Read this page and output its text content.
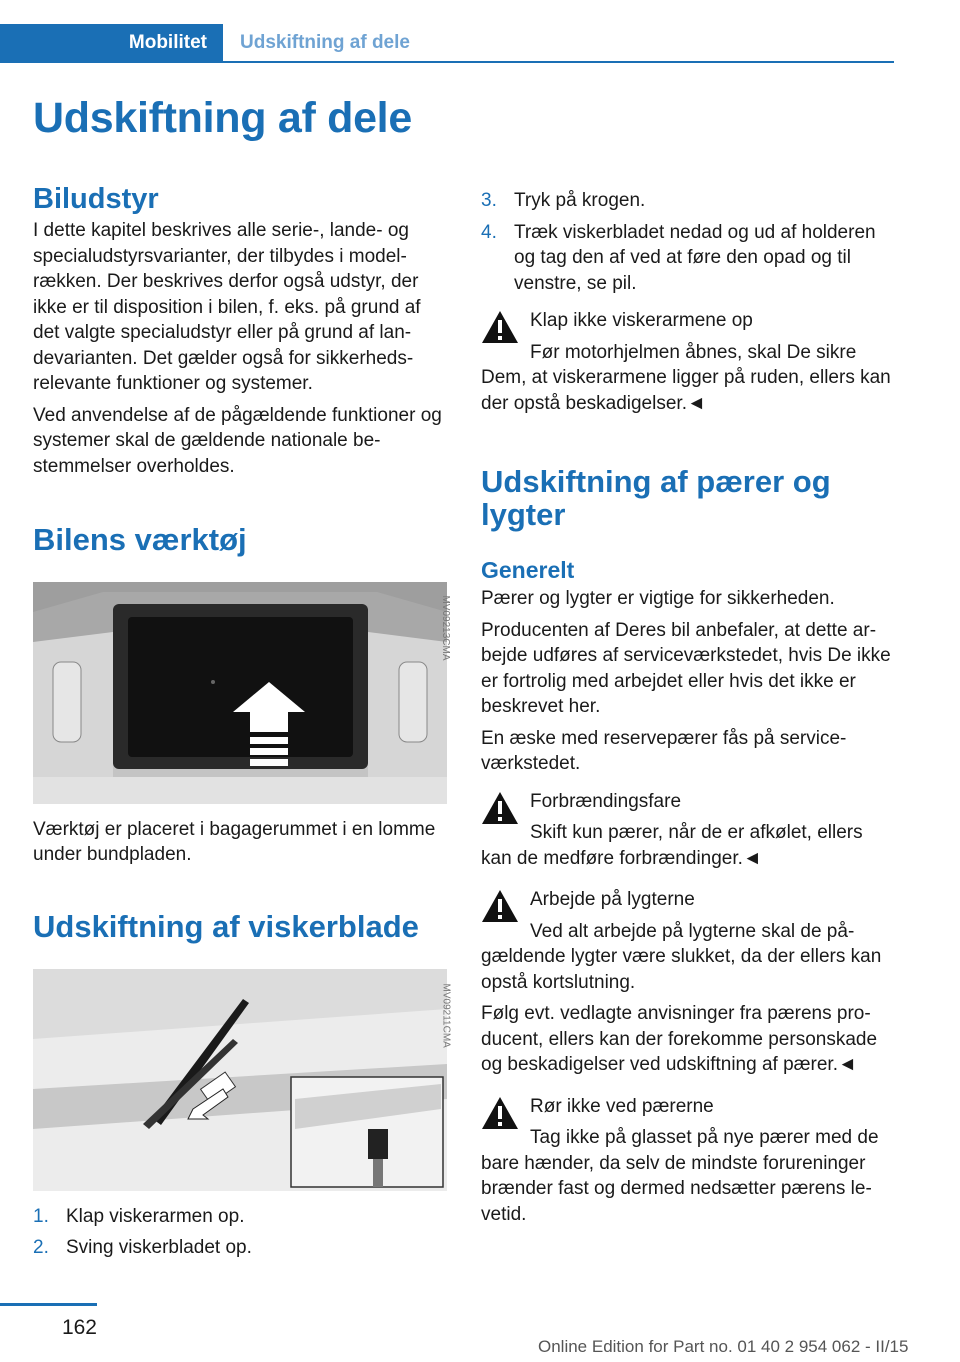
Mobilitet	Udskiftning af dele
Udskiftning af dele
Biludstyr

I dette kapitel beskrives alle serie-, lande- og specialudstyrsvarianter, der tilbydes i modelrækken. Der beskrives derfor også udstyr, der ikke er til disposition i bilen, f. eks. på grund af det valgte specialudstyr eller på grund af landevarianten. Det gælder også for sikkerhedsrelevante funktioner og systemer.

Ved anvendelse af de pågældende funktioner og systemer skal de gældende nationale bestemmelser overholdes.

Bilens værktøj
MV09213CMA

Værktøj er placeret i bagagerummet i en lomme under bundpladen.

Udskiftning af viskerblade
MV09211CMA
1. Klap viskerarmen op.
2. Sving viskerbladet op.
3. Tryk på krogen.
4. Træk viskerbladet nedad og ud af holderen og tag den af ved at føre den opad og til venstre, se pil.

Klap ikke viskerarmene op

Før motorhjelmen åbnes, skal De sikre Dem, at viskerarmene ligger på ruden, ellers kan der opstå beskadigelser.◄

Udskiftning af pærer og lygter
Generelt

Pærer og lygter er vigtige for sikkerheden.

Producenten af Deres bil anbefaler, at dette arbejde udføres af serviceværkstedet, hvis De ikke er fortrolig med arbejdet eller hvis det ikke er beskrevet her.

En æske med reservepærer fås på serviceværkstedet.

Forbrændingsfare

Skift kun pærer, når de er afkølet, ellers kan de medføre forbrændinger.◄

Arbejde på lygterne

Ved alt arbejde på lygterne skal de pågældende lygter være slukket, da der ellers kan opstå kortslutning.

Følg evt. vedlagte anvisninger fra pærens producent, ellers kan der forekomme personskade og beskadigelser ved udskiftning af pærer.◄

Rør ikke ved pærerne

Tag ikke på glasset på nye pærer med de bare hænder, da selv de mindste forureninger brænder fast og dermed nedsætter pærens levetid.

162
Online Edition for Part no. 01 40 2 954 062 - II/15
